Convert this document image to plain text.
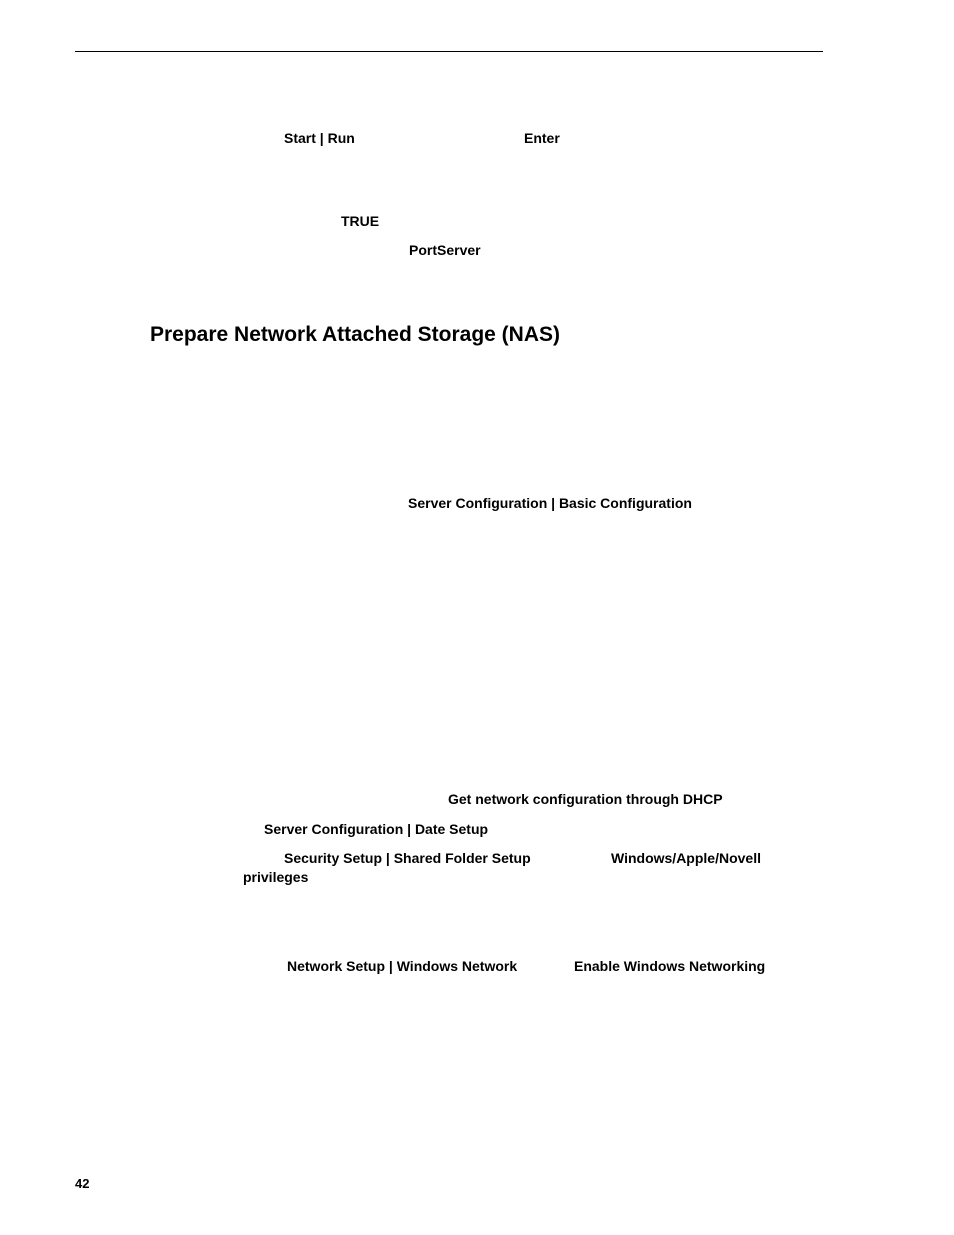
Start | Run	Enter
TRUE
PortServer
Prepare Network Attached Storage (NAS)
Server Configuration | Basic Configuration
Get network configuration through DHCP
Server Configuration | Date Setup
Security Setup | Shared Folder Setup	Windows/Apple/Novell
privileges
Network Setup | Windows Network	Enable Windows Networking
42
